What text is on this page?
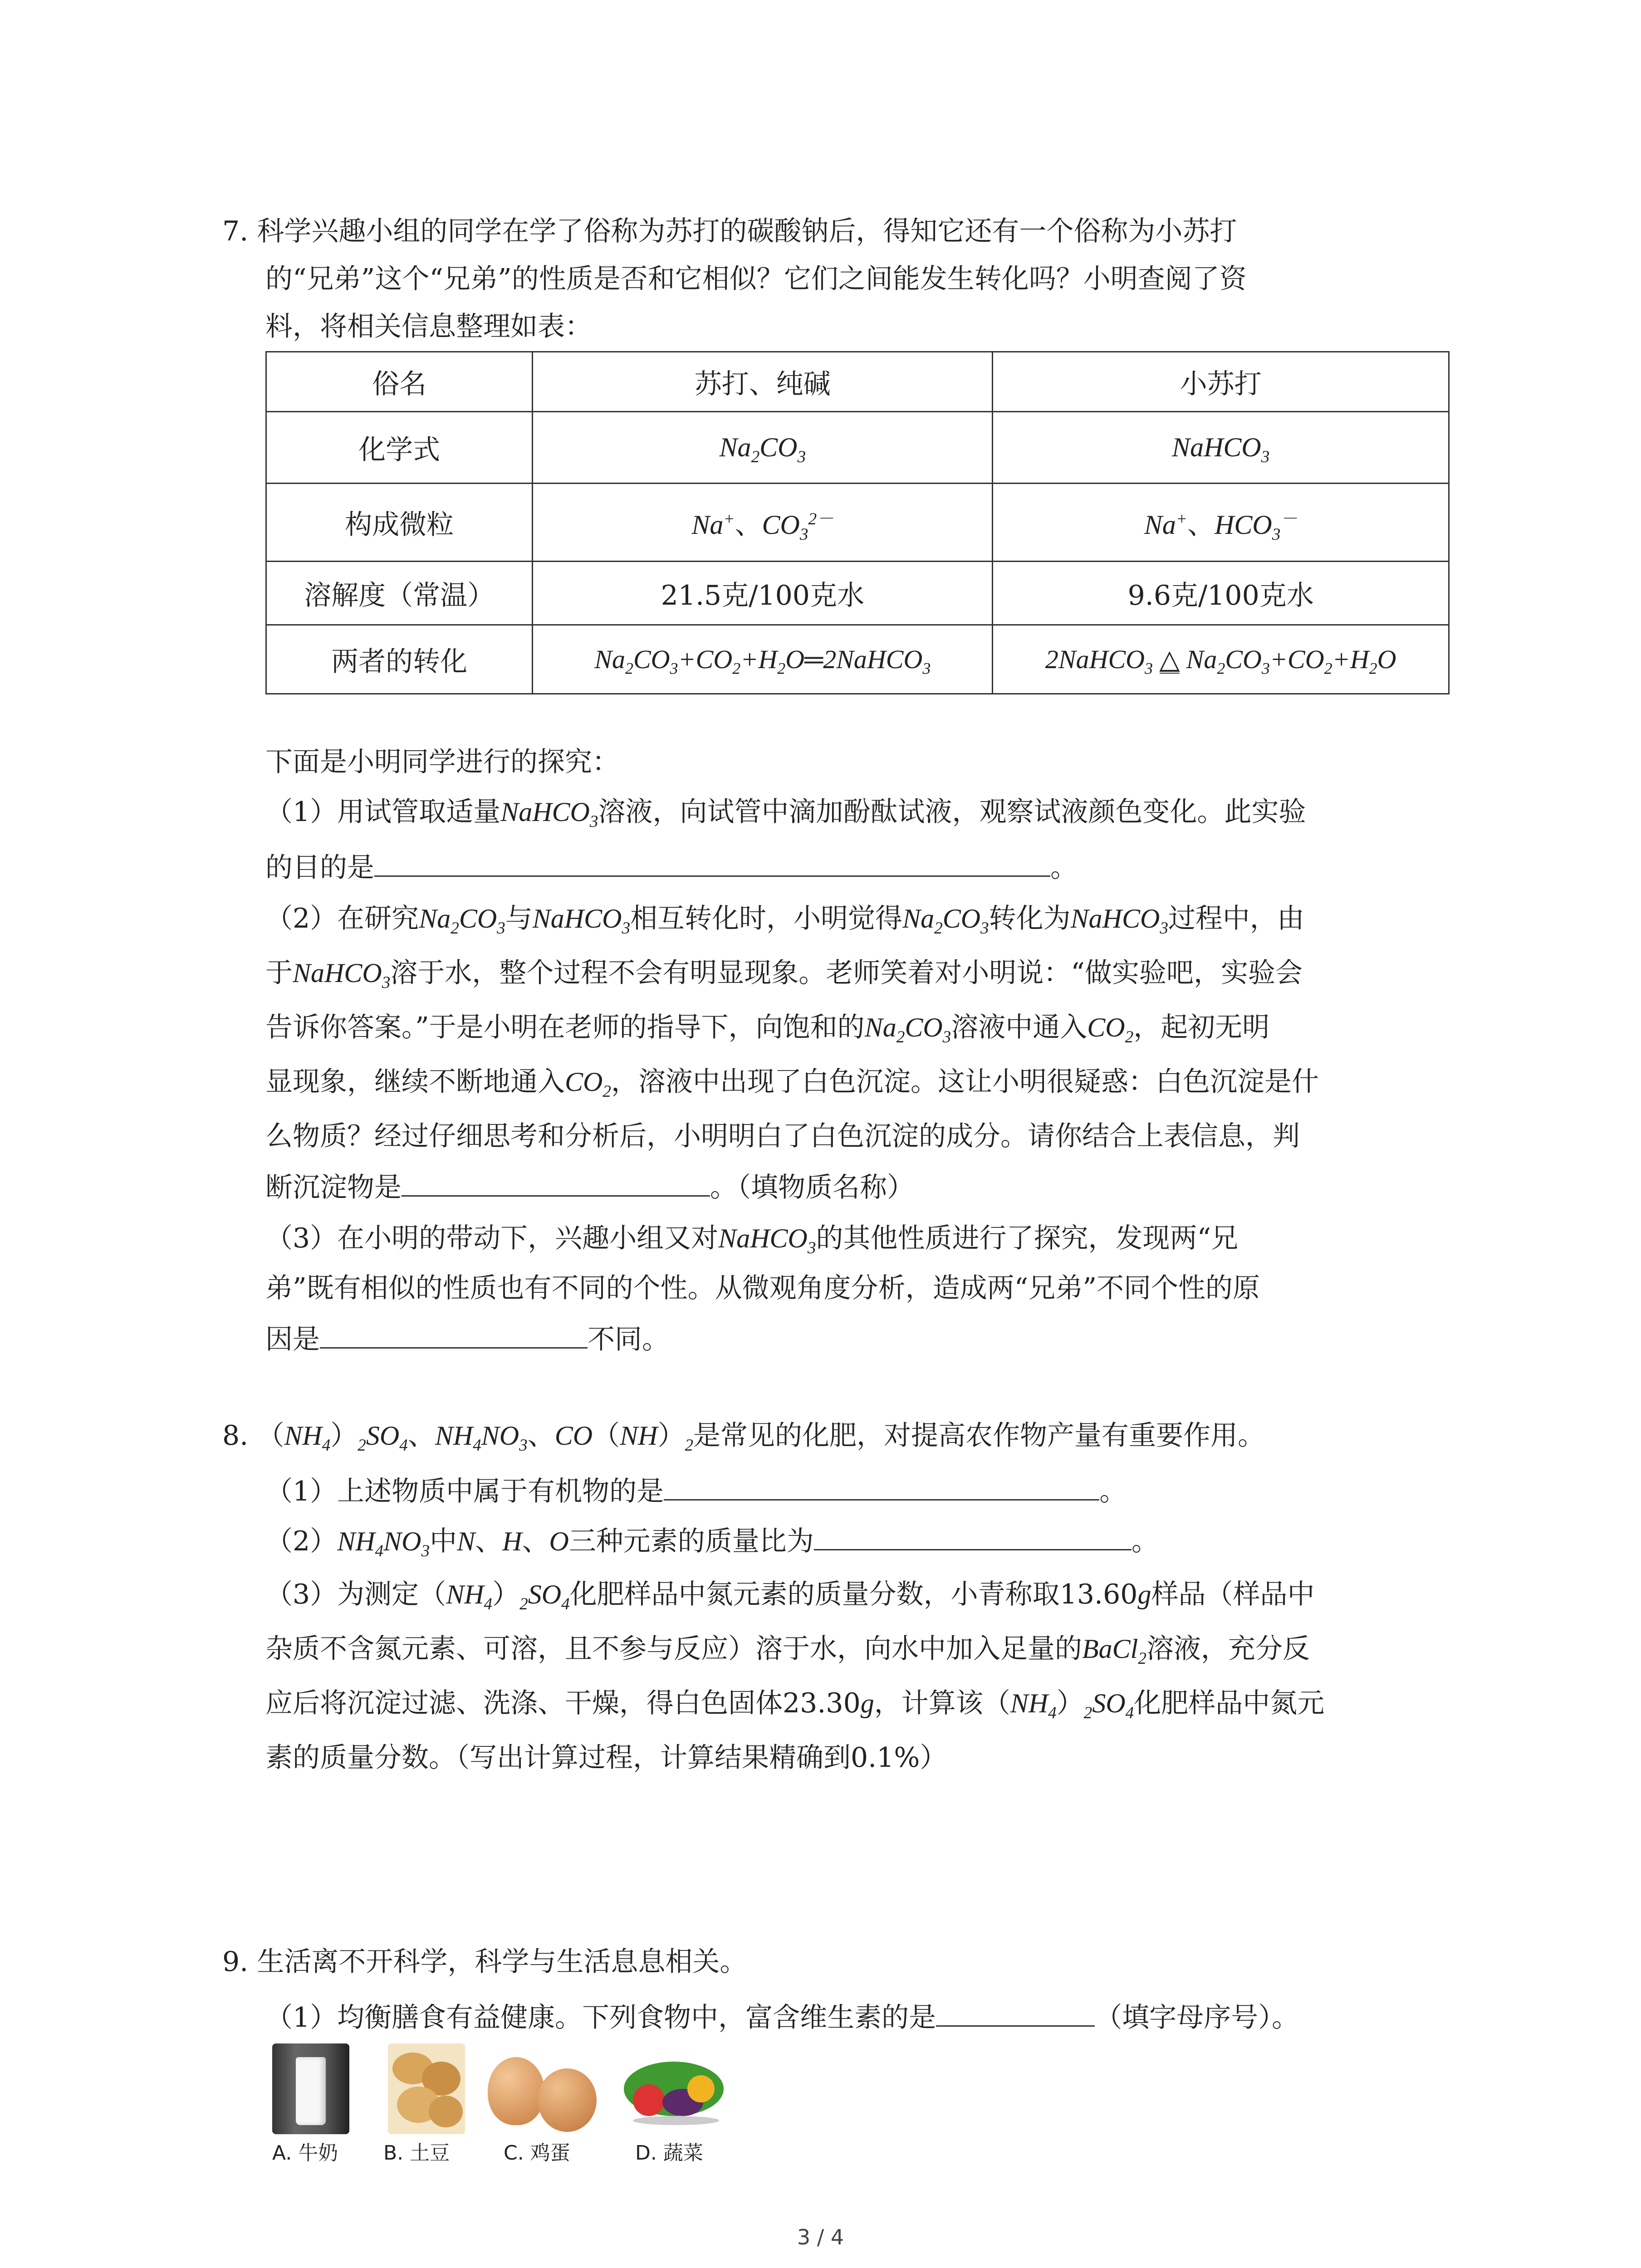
7. 科学兴趣小组的同学在学了俗称为苏打的碳酸钠后，得知它还有一个俗称为小苏打
的“兄弟”这个“兄弟”的性质是否和它相似？它们之间能发生转化吗？小明查阅了资
料，将相关信息整理如表：
俗名	苏打、纯碱	小苏打
化学式	$Na_2CO_3$	NaHCO$_3$
构成微粒	Na+、$CO_3^{2-}$	Na+、$HCO_3^-$
溶解度（常温）	21.5克/100克水	9.6克/100克水
两者的转化	$Na_2CO_3+CO_2+H_2O═2NaHCO_3$	2NaHCO$_3$ △ $Na_2CO_3+CO_2+H_2O$
下面是小明同学进行的探究：
（1）用试管取适量NaHCO$_3$溶液，向试管中滴加酚酞试液，观察试液颜色变化。此实验
的目的是	。
（2）在研究$Na_2CO_3$与NaHCO$_3$相互转化时，小明觉得$Na_2CO_3$转化为NaHCO$_3$过程中，由
于NaHCO$_3$溶于水，整个过程不会有明显现象。老师笑着对小明说：“做实验吧，实验会
告诉你答案。”于是小明在老师的指导下，向饱和的$Na_2CO_3$溶液中通入$CO_2$，起初无明
显现象，继续不断地通入$CO_2$，溶液中出现了白色沉淀。这让小明很疑惑：白色沉淀是什
么物质？经过仔细思考和分析后，小明明白了白色沉淀的成分。请你结合上表信息，判
断沉淀物是	。（填物质名称）
（3）在小明的带动下，兴趣小组又对NaHCO$_3$的其他性质进行了探究，发现两“兄
弟”既有相似的性质也有不同的个性。从微观角度分析，造成两“兄弟”不同个性的原
因是	不同。
8. $(NH_4)_2SO_4$、$NH_4NO_3$、$CO(NH)_2$是常见的化肥，对提高农作物产量有重要作用。
（1）上述物质中属于有机物的是	。
$(2)NH_4NO_3$中N、H、O三种元素的质量比为	。
（3）为测定$(NH_4)_2SO_4$化肥样品中氮元素的质量分数，小青称取13.60g样品（样品中
杂质不含氮元素、可溶，且不参与反应）溶于水，向水中加入足量的BaCl$_2$溶液，充分反
应后将沉淀过滤、洗涤、干燥，得白色固体23.30g，计算该$(NH_4)_2SO_4$化肥样品中氮元
素的质量分数。（写出计算过程，计算结果精确到0.1%）
9. 生活离不开科学，科学与生活息息相关。
（1）均衡膳食有益健康。下列食物中，富含维生素的是	（填字母序号）。
A. 牛奶 B. 土豆	C. 鸡蛋	D. 蔬菜
3 / 4
